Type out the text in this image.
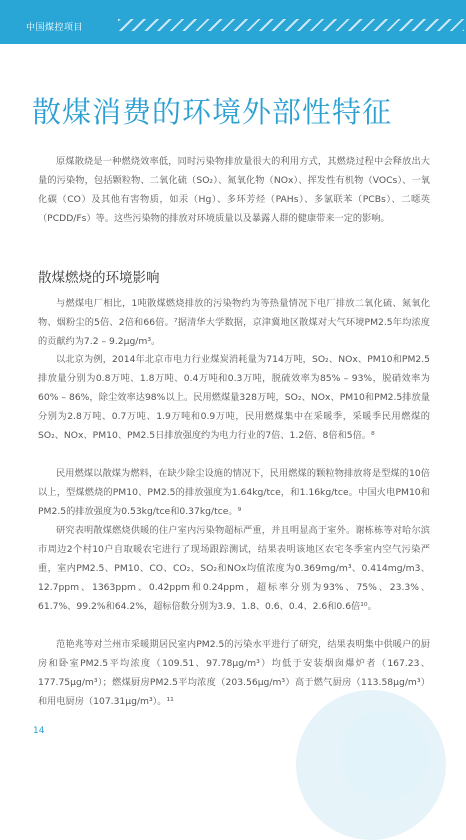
中国煤控项目
散煤消费的环境外部性特征

原煤散烧是一种燃烧效率低，同时污染物排放量很大的利用方式，其燃烧过程中会释放出大量的污染物，包括颗粒物、二氧化硫（SO₂）、氮氧化物（NOx）、挥发性有机物（VOCs）、一氧化碳（CO）及其他有害物质，如汞（Hg）、多环芳烃（PAHs）、多氯联苯（PCBs）、二噁英（PCDD/Fs）等。这些污染物的排放对环境质量以及暴露人群的健康带来一定的影响。

散煤燃烧的环境影响

与燃煤电厂相比，1吨散煤燃烧排放的污染物约为等热量情况下电厂排放二氧化硫、氮氧化物、烟粉尘的5倍、2倍和66倍。⁷据清华大学数据，京津冀地区散煤对大气环境PM2.5年均浓度的贡献约为7.2 – 9.2μg/m³。

以北京为例，2014年北京市电力行业煤炭消耗量为714万吨，SO₂、NOx、PM10和PM2.5排放量分别为0.8万吨、1.8万吨、0.4万吨和0.3万吨，脱硫效率为85% – 93%，脱硝效率为60% – 86%，除尘效率达98%以上。民用燃煤量328万吨，SO₂、NOx、PM10和PM2.5排放量分别为2.8万吨、0.7万吨、1.9万吨和0.9万吨，民用燃煤集中在采暖季，采暖季民用燃煤的SO₂、NOx、PM10、PM2.5日排放强度约为电力行业的7倍、1.2倍、8倍和5倍。⁸

民用燃煤以散煤为燃料，在缺少除尘设施的情况下，民用燃煤的颗粒物排放将是型煤的10倍以上，型煤燃烧的PM10、PM2.5的排放强度为1.64kg/tce，和1.16kg/tce。中国火电PM10和PM2.5的排放强度为0.53kg/tce和0.37kg/tce。⁹

研究表明散煤燃烧供暖的住户室内污染物超标严重，并且明显高于室外。谢栋栋等对哈尔滨市周边2个村10户自取暖农宅进行了现场跟踪测试，结果表明该地区农宅冬季室内空气污染严重，室内PM2.5、PM10、CO、CO₂、SO₂和NOx均值浓度为0.369mg/m³、0.414mg/m3、12.7ppm、1363ppm、0.42ppm和0.24ppm，超标率分别为93%、75%、23.3%、61.7%、99.2%和64.2%，超标倍数分别为3.9、1.8、0.6、0.4、2.6和0.6倍¹⁰。

范艳兆等对兰州市采暖期居民室内PM2.5的污染水平进行了研究，结果表明集中供暖户的厨房和卧室PM2.5平均浓度（109.51、97.78μg/m³）均低于安装烟囱爆炉者（167.23、177.75μg/m³）；燃煤厨房PM2.5平均浓度（203.56μg/m³）高于燃气厨房（113.58μg/m³）和用电厨房（107.31μg/m³）。¹¹

14
